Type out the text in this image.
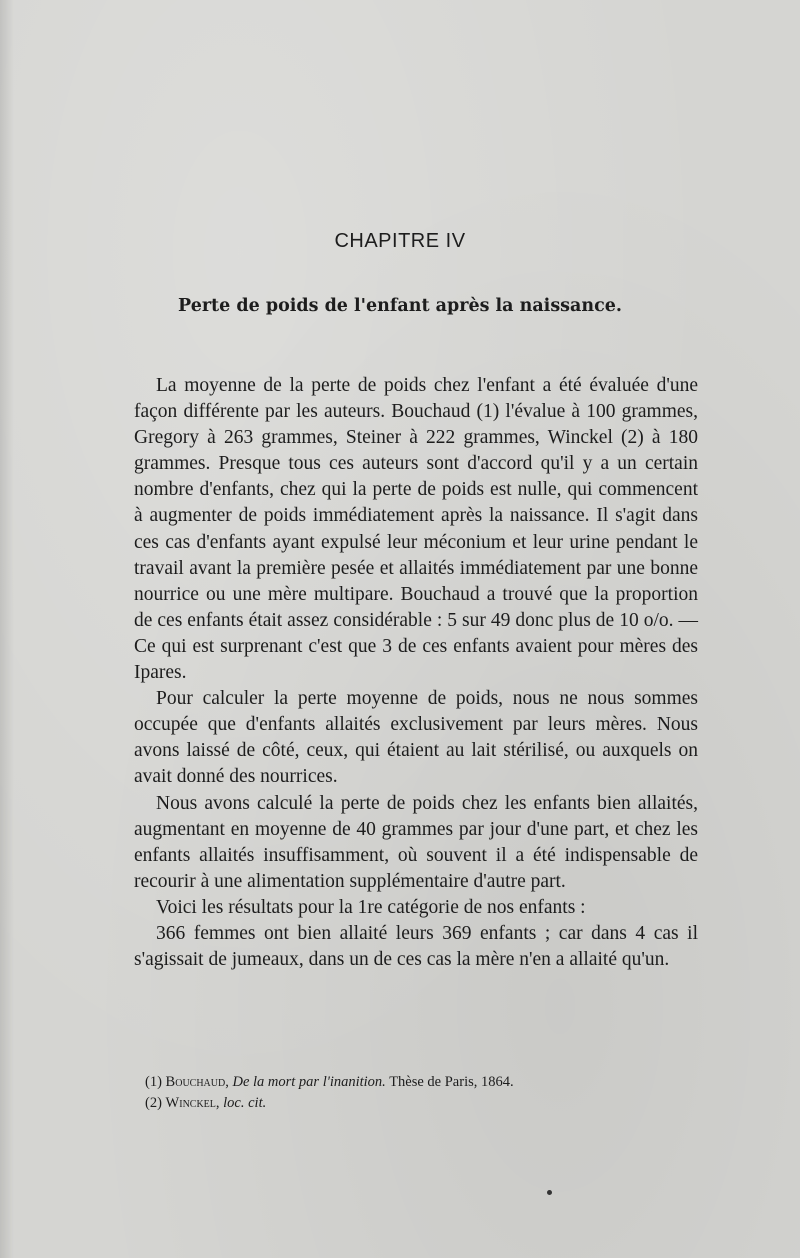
CHAPITRE IV
Perte de poids de l'enfant après la naissance.

La moyenne de la perte de poids chez l'enfant a été évaluée d'une façon différente par les auteurs. Bouchaud (1) l'évalue à 100 grammes, Gregory à 263 grammes, Steiner à 222 grammes, Winckel (2) à 180 grammes. Presque tous ces auteurs sont d'accord qu'il y a un certain nombre d'enfants, chez qui la perte de poids est nulle, qui commencent à augmenter de poids immédiatement après la naissance. Il s'agit dans ces cas d'enfants ayant expulsé leur méconium et leur urine pendant le travail avant la première pesée et allaités immédiatement par une bonne nourrice ou une mère multipare. Bouchaud a trouvé que la proportion de ces enfants était assez considérable : 5 sur 49 donc plus de 10 o/o. — Ce qui est surprenant c'est que 3 de ces enfants avaient pour mères des Ipares.

Pour calculer la perte moyenne de poids, nous ne nous sommes occupée que d'enfants allaités exclusivement par leurs mères. Nous avons laissé de côté, ceux, qui étaient au lait stérilisé, ou auxquels on avait donné des nourrices.

Nous avons calculé la perte de poids chez les enfants bien allaités, augmentant en moyenne de 40 grammes par jour d'une part, et chez les enfants allaités insuffisamment, où souvent il a été indispensable de recourir à une alimentation supplémentaire d'autre part.

Voici les résultats pour la 1re catégorie de nos enfants :

366 femmes ont bien allaité leurs 369 enfants ; car dans 4 cas il s'agissait de jumeaux, dans un de ces cas la mère n'en a allaité qu'un.

(1) Bouchaud, De la mort par l'inanition. Thèse de Paris, 1864.
(2) Winckel, loc. cit.
